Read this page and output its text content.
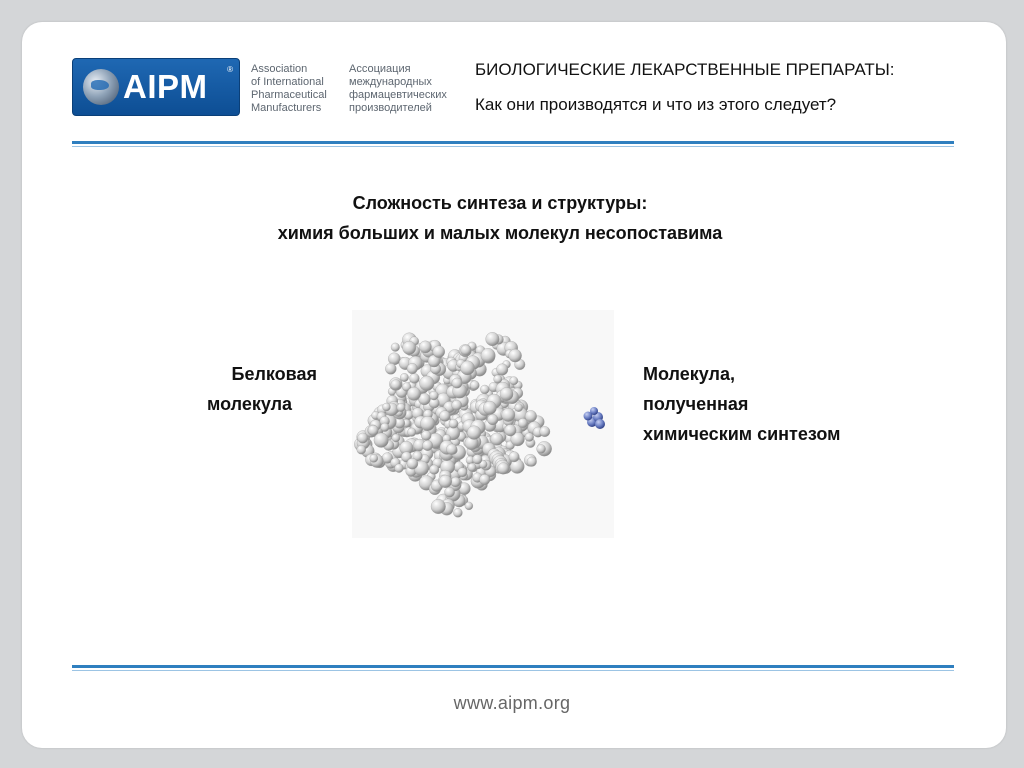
AIPM ® Association
of International
Pharmaceutical
Manufacturers
Ассоциация
международных
фармацевтических
производителей
БИОЛОГИЧЕСКИЕ ЛЕКАРСТВЕННЫЕ ПРЕПАРАТЫ:
Как они производятся и что из этого следует?
Сложность синтеза и структуры:
химия больших и малых молекул несопоставима
Белковая
молекула
Молекула,
полученная
химическим синтезом
www.aipm.org
